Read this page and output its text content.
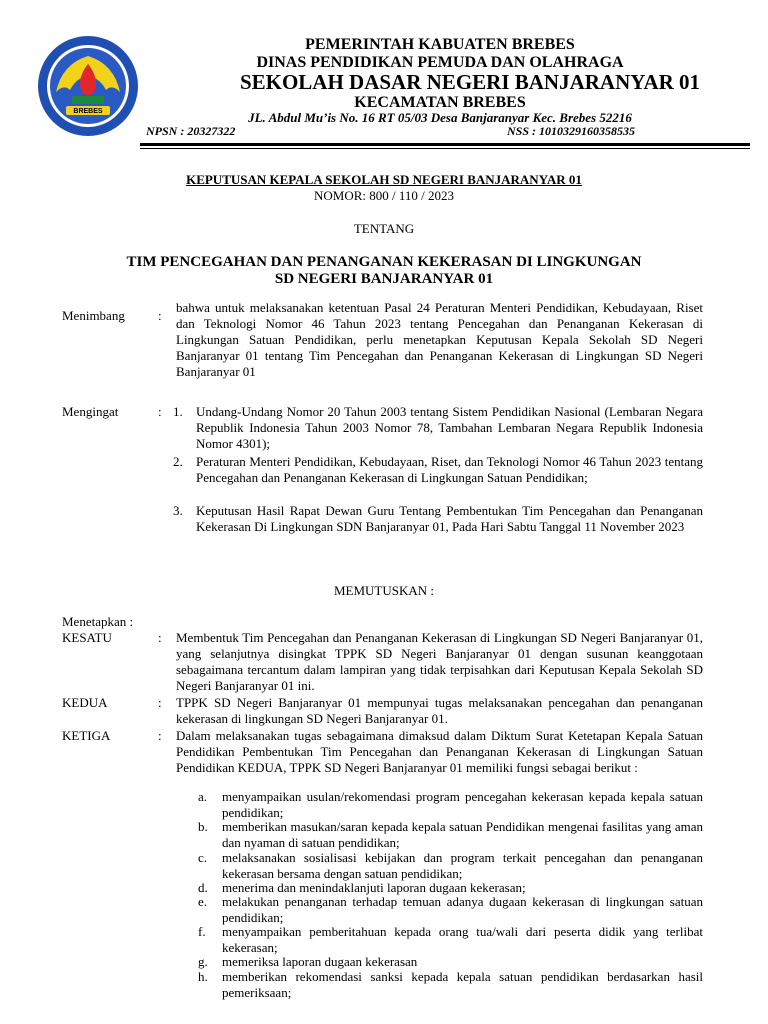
BREBES
PEMERINTAH KABUATEN BREBES
DINAS PENDIDIKAN PEMUDA DAN OLAHRAGA
SEKOLAH DASAR NEGERI BANJARANYAR 01
KECAMATAN BREBES
JL. Abdul Mu’is No. 16 RT 05/03 Desa Banjaranyar Kec. Brebes 52216
NPSN : 20327322	NSS : 1010329160358535
KEPUTUSAN KEPALA SEKOLAH SD NEGERI BANJARANYAR 01
NOMOR: 800 / 110 / 2023
TENTANG
TIM PENCEGAHAN DAN PENANGANAN KEKERASAN DI LINGKUNGAN
SD NEGERI BANJARANYAR 01
Menimbang	:
bahwa untuk melaksanakan ketentuan Pasal 24 Peraturan Menteri Pendidikan, Kebudayaan, Riset dan Teknologi Nomor 46 Tahun 2023 tentang Pencegahan dan Penanganan Kekerasan di Lingkungan Satuan Pendidikan, perlu menetapkan Keputusan Kepala Sekolah SD Negeri Banjaranyar 01 tentang Tim Pencegahan dan Penanganan Kekerasan di Lingkungan SD Negeri Banjaranyar 01
Mengingat	: 1. Undang-Undang Nomor 20 Tahun 2003 tentang Sistem Pendidikan Nasional (Lembaran Negara Republik Indonesia Tahun 2003 Nomor 78, Tambahan Lembaran Negara Republik Indonesia Nomor 4301);
2. Peraturan Menteri Pendidikan, Kebudayaan, Riset, dan Teknologi Nomor 46 Tahun 2023 tentang Pencegahan dan Penanganan Kekerasan di Lingkungan Satuan Pendidikan;
3. Keputusan Hasil Rapat Dewan Guru Tentang Pembentukan Tim Pencegahan dan Penanganan Kekerasan Di Lingkungan SDN Banjaranyar 01, Pada Hari Sabtu Tanggal 11 November 2023
MEMUTUSKAN :
Menetapkan :
KESATU	: Membentuk Tim Pencegahan dan Penanganan Kekerasan di Lingkungan SD Negeri Banjaranyar 01, yang selanjutnya disingkat TPPK SD Negeri Banjaranyar 01 dengan susunan keanggotaan sebagaimana tercantum dalam lampiran yang tidak terpisahkan dari Keputusan Kepala Sekolah SD Negeri Banjaranyar 01 ini.
KEDUA	: TPPK SD Negeri Banjaranyar 01 mempunyai tugas melaksanakan pencegahan dan penanganan kekerasan di lingkungan SD Negeri Banjaranyar 01.
KETIGA	: Dalam melaksanakan tugas sebagaimana dimaksud dalam Diktum Surat Ketetapan Kepala Satuan Pendidikan Pembentukan Tim Pencegahan dan Penanganan Kekerasan di Lingkungan Satuan Pendidikan KEDUA, TPPK SD Negeri Banjaranyar 01 memiliki fungsi sebagai berikut :
a. menyampaikan usulan/rekomendasi program pencegahan kekerasan kepada kepala satuan pendidikan;
b. memberikan masukan/saran kepada kepala satuan Pendidikan mengenai fasilitas yang aman dan nyaman di satuan pendidikan;
c. melaksanakan sosialisasi kebijakan dan program terkait pencegahan dan penanganan kekerasan bersama dengan satuan pendidikan;
d. menerima dan menindaklanjuti laporan dugaan kekerasan;
e. melakukan penanganan terhadap temuan adanya dugaan kekerasan di lingkungan satuan pendidikan;
f. menyampaikan pemberitahuan kepada orang tua/wali dari peserta didik yang terlibat kekerasan;
g. memeriksa laporan dugaan kekerasan
h. memberikan rekomendasi sanksi kepada kepala satuan pendidikan berdasarkan hasil pemeriksaan;
